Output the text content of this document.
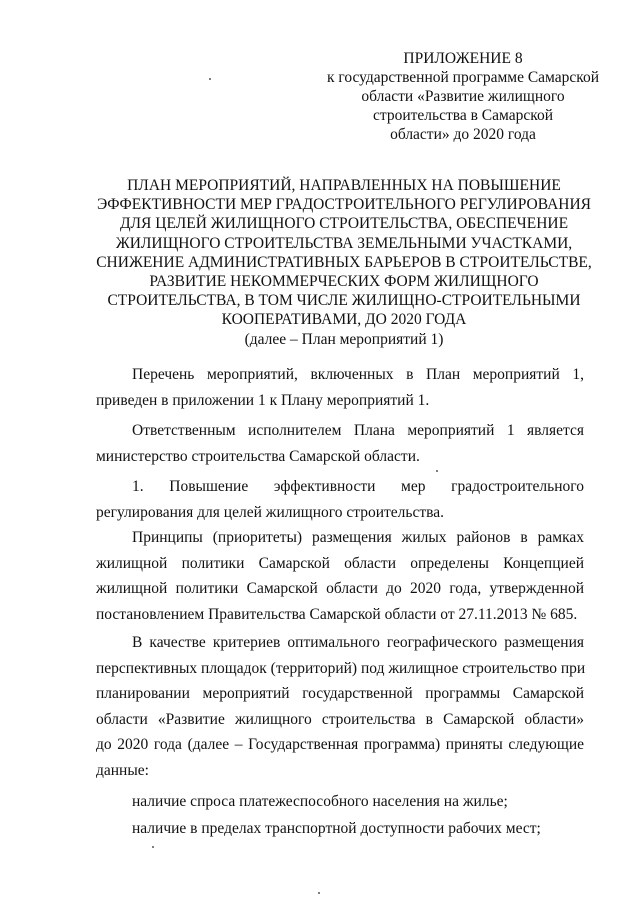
ПРИЛОЖЕНИЕ 8
к государственной программе Самарской
области «Развитие жилищного
строительства в Самарской
области» до 2020 года
ПЛАН МЕРОПРИЯТИЙ, НАПРАВЛЕННЫХ НА ПОВЫШЕНИЕ
ЭФФЕКТИВНОСТИ МЕР ГРАДОСТРОИТЕЛЬНОГО РЕГУЛИРОВАНИЯ
ДЛЯ ЦЕЛЕЙ ЖИЛИЩНОГО СТРОИТЕЛЬСТВА, ОБЕСПЕЧЕНИЕ
ЖИЛИЩНОГО СТРОИТЕЛЬСТВА ЗЕМЕЛЬНЫМИ УЧАСТКАМИ,
СНИЖЕНИЕ АДМИНИСТРАТИВНЫХ БАРЬЕРОВ В СТРОИТЕЛЬСТВЕ,
РАЗВИТИЕ НЕКОММЕРЧЕСКИХ ФОРМ ЖИЛИЩНОГО
СТРОИТЕЛЬСТВА, В ТОМ ЧИСЛЕ ЖИЛИЩНО-СТРОИТЕЛЬНЫМИ
КООПЕРАТИВАМИ, ДО 2020 ГОДА
(далее – План мероприятий 1)
Перечень мероприятий, включенных в План мероприятий 1,
приведен в приложении 1 к Плану мероприятий 1.
Ответственным исполнителем Плана мероприятий 1 является
министерство строительства Самарской области.
1. Повышение эффективности мер градостроительного
регулирования для целей жилищного строительства.
Принципы (приоритеты) размещения жилых районов в рамках
жилищной политики Самарской области определены Концепцией
жилищной политики Самарской области до 2020 года, утвержденной
постановлением Правительства Самарской области от 27.11.2013 № 685.
В качестве критериев оптимального географического размещения
перспективных площадок (территорий) под жилищное строительство при
планировании мероприятий государственной программы Самарской
области «Развитие жилищного строительства в Самарской области»
до 2020 года (далее – Государственная программа) приняты следующие
данные:
наличие спроса платежеспособного населения на жилье;
наличие в пределах транспортной доступности рабочих мест;
